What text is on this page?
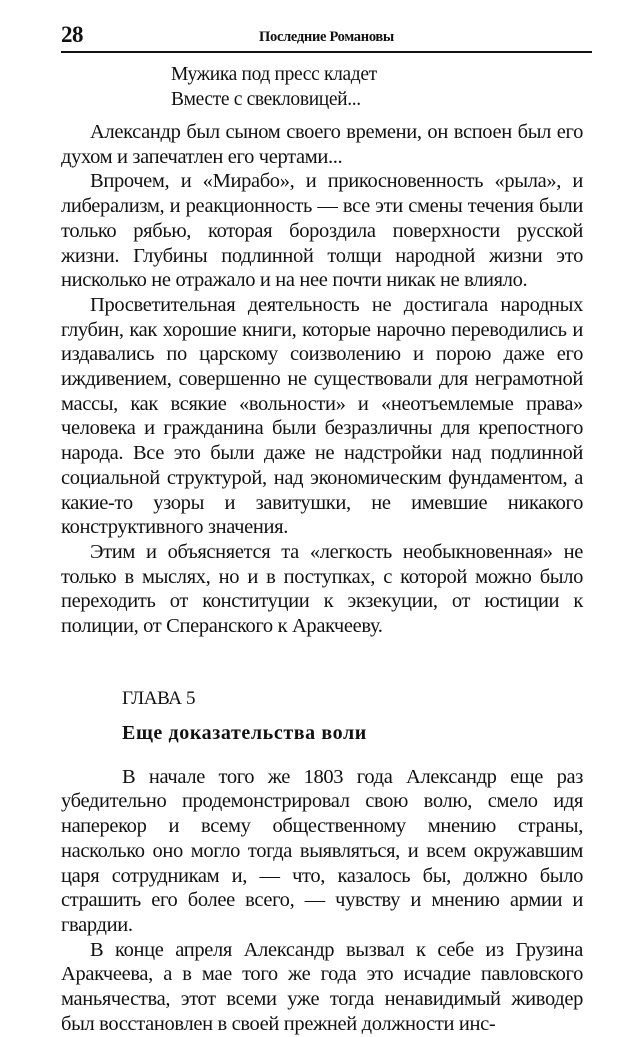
28	Последние Романовы
Мужика под пресс кладет
Вместе с свекловицей...

Александр был сыном своего времени, он вспоен был его духом и запечатлен его чертами...

Впрочем, и «Мирабо», и прикосновенность «рыла», и либерализм, и реакционность — все эти смены течения были только рябью, которая бороздила поверхности русской жизни. Глубины подлинной толщи народной жизни это нисколько не отражало и на нее почти никак не влияло.

Просветительная деятельность не достигала народных глубин, как хорошие книги, которые нарочно переводились и издавались по царскому соизволению и порою даже его иждивением, совершенно не существовали для неграмотной массы, как всякие «вольности» и «неотъемлемые права» человека и гражданина были безразличны для крепостного народа. Все это были даже не надстройки над подлинной социальной структурой, над экономическим фундаментом, а какие-то узоры и завитушки, не имевшие никакого конструктивного значения.

Этим и объясняется та «легкость необыкновенная» не только в мыслях, но и в поступках, с которой можно было переходить от конституции к экзекуции, от юстиции к полиции, от Сперанского к Аракчееву.

ГЛАВА 5
Еще доказательства воли

В начале того же 1803 года Александр еще раз убедительно продемонстрировал свою волю, смело идя наперекор и всему общественному мнению страны, насколько оно могло тогда выявляться, и всем окружавшим царя сотрудникам и, — что, казалось бы, должно было страшить его более всего, — чувству и мнению армии и гвардии.

В конце апреля Александр вызвал к себе из Грузина Аракчеева, а в мае того же года это исчадие павловского маньячества, этот всеми уже тогда ненавидимый живодер был восстановлен в своей прежней должности инс-
